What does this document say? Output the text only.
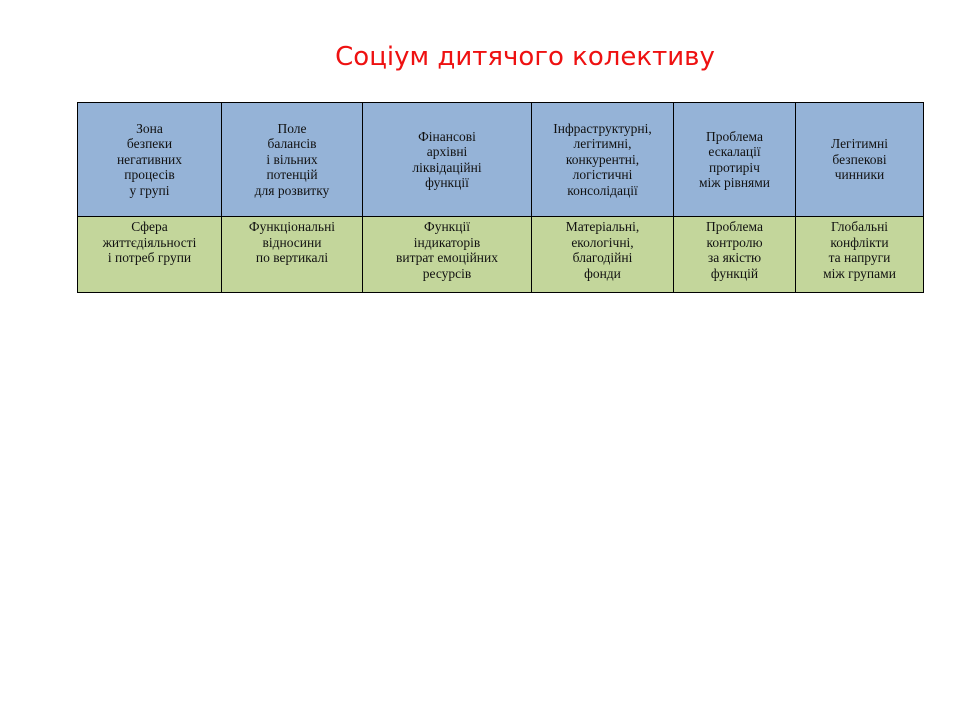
Соціум дитячого колективу
Зона
безпеки
негативних
процесів
у групі	Поле
балансів
і вільних
потенцій
для розвитку	Фінансові
архівні
ліквідаційні
функції	Інфраструктурні,
легітимні,
конкурентні,
логістичні
консолідації	Проблема
ескалації
протиріч
між рівнями	Легітимні
безпекові
чинники

Сфера
життєдіяльності
і потреб групи	Функціональні
відносини
по вертикалі	Функції
індикаторів
витрат емоційних
ресурсів	Матеріальні,
екологічні,
благодійні
фонди	Проблема
контролю
за якістю
функцій	Глобальні
конфлікти
та напруги
між групами
